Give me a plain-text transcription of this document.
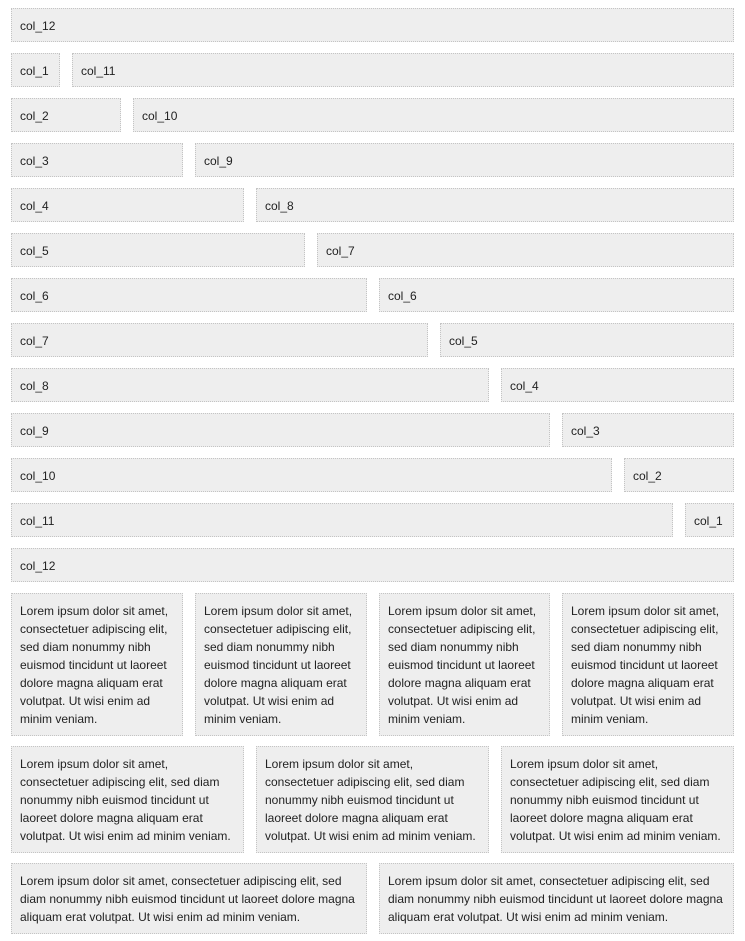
col_12
col_1	col_11
col_2	col_10
col_3	col_9
col_4	col_8
col_5	col_7
col_6	col_6
col_7	col_5
col_8	col_4
col_9	col_3
col_10	col_2
col_11	col_1
col_12
Lorem ipsum dolor sit amet, consectetuer adipiscing elit, sed diam nonummy nibh euismod tincidunt ut laoreet dolore magna aliquam erat volutpat. Ut wisi enim ad minim veniam.
Lorem ipsum dolor sit amet, consectetuer adipiscing elit, sed diam nonummy nibh euismod tincidunt ut laoreet dolore magna aliquam erat volutpat. Ut wisi enim ad minim veniam.
Lorem ipsum dolor sit amet, consectetuer adipiscing elit, sed diam nonummy nibh euismod tincidunt ut laoreet dolore magna aliquam erat volutpat. Ut wisi enim ad minim veniam.
Lorem ipsum dolor sit amet, consectetuer adipiscing elit, sed diam nonummy nibh euismod tincidunt ut laoreet dolore magna aliquam erat volutpat. Ut wisi enim ad minim veniam.
Lorem ipsum dolor sit amet, consectetuer adipiscing elit, sed diam nonummy nibh euismod tincidunt ut laoreet dolore magna aliquam erat volutpat. Ut wisi enim ad minim veniam.
Lorem ipsum dolor sit amet, consectetuer adipiscing elit, sed diam nonummy nibh euismod tincidunt ut laoreet dolore magna aliquam erat volutpat. Ut wisi enim ad minim veniam.
Lorem ipsum dolor sit amet, consectetuer adipiscing elit, sed diam nonummy nibh euismod tincidunt ut laoreet dolore magna aliquam erat volutpat. Ut wisi enim ad minim veniam.
Lorem ipsum dolor sit amet, consectetuer adipiscing elit, sed diam nonummy nibh euismod tincidunt ut laoreet dolore magna aliquam erat volutpat. Ut wisi enim ad minim veniam.
Lorem ipsum dolor sit amet, consectetuer adipiscing elit, sed diam nonummy nibh euismod tincidunt ut laoreet dolore magna aliquam erat volutpat. Ut wisi enim ad minim veniam.
